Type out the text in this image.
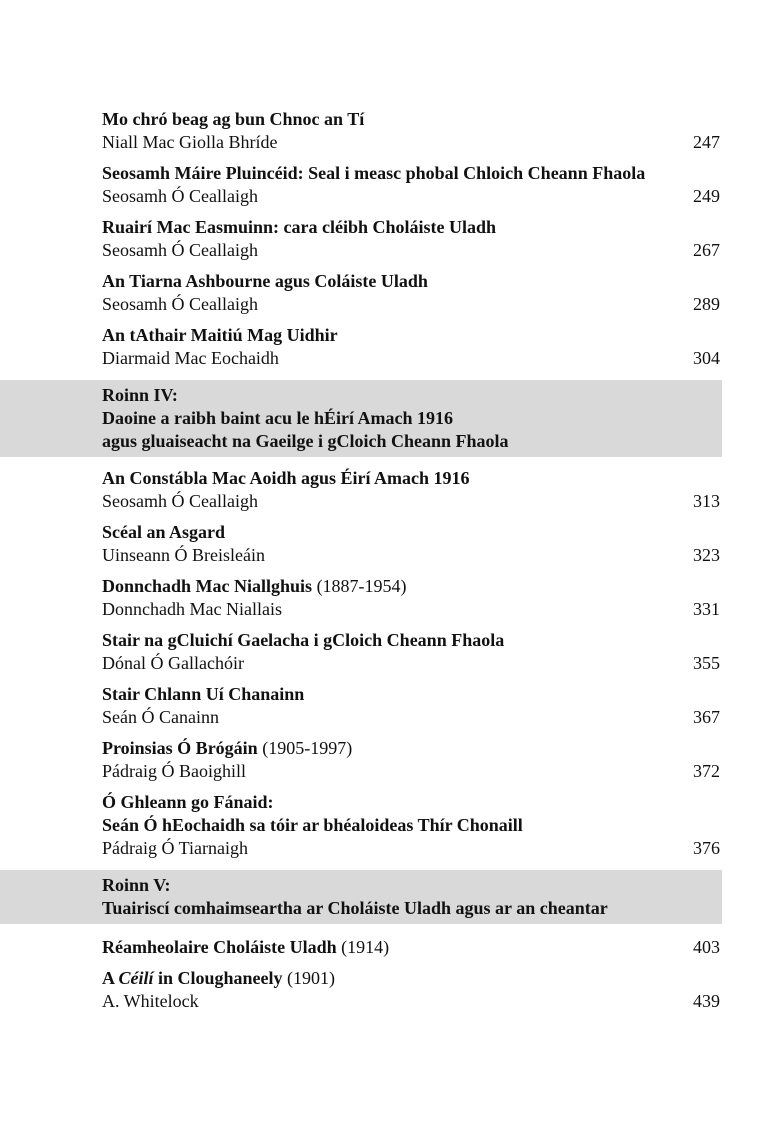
Mo chró beag ag bun Chnoc an Tí
Niall Mac Giolla Bhríde	247
Seosamh Máire Pluincéid: Seal i measc phobal Chloich Cheann Fhaola
Seosamh Ó Ceallaigh	249
Ruairí Mac Easmuinn: cara cléibh Choláiste Uladh
Seosamh Ó Ceallaigh	267
An Tiarna Ashbourne agus Coláiste Uladh
Seosamh Ó Ceallaigh	289
An tAthair Maitiú Mag Uidhir
Diarmaid Mac Eochaidh	304
Roinn IV:
Daoine a raibh baint acu le hÉirí Amach 1916
agus gluaiseacht na Gaeilge i gCloich Cheann Fhaola
An Constábla Mac Aoidh agus Éirí Amach 1916
Seosamh Ó Ceallaigh	313
Scéal an Asgard
Uinseann Ó Breisleáin	323
Donnchadh Mac Niallghuis (1887-1954)
Donnchadh Mac Niallais	331
Stair na gCluichí Gaelacha i gCloich Cheann Fhaola
Dónal Ó Gallachóir	355
Stair Chlann Uí Chanainn
Seán Ó Canainn	367
Proinsias Ó Brógáin (1905-1997)
Pádraig Ó Baoighill	372
Ó Ghleann go Fánaid:
Seán Ó hEochaidh sa tóir ar bhéaloideas Thír Chonaill
Pádraig Ó Tiarnaigh	376
Roinn V:
Tuairiscí comhaimseartha ar Choláiste Uladh agus ar an cheantar
Réamheolaire Choláiste Uladh (1914)	403
A Céilí in Cloughaneely (1901)
A. Whitelock	439
